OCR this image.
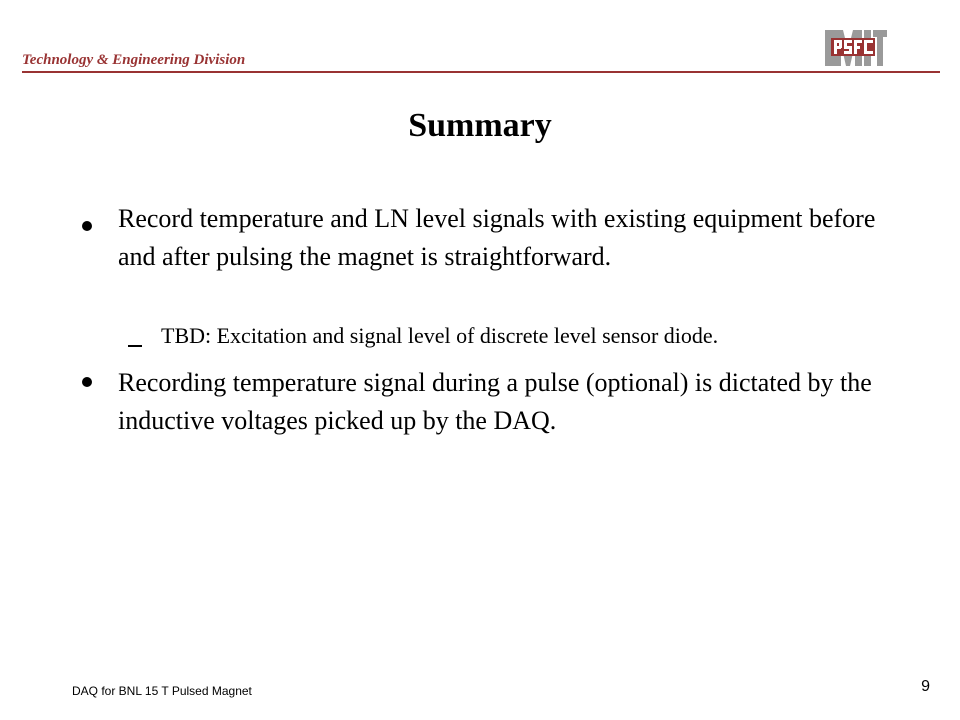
Technology & Engineering Division
Summary
Record temperature and LN level signals with existing equipment before and after pulsing the magnet is straightforward.
TBD: Excitation and signal level of discrete level sensor diode.
Recording temperature signal during a pulse (optional) is dictated by the inductive voltages picked up by the DAQ.
DAQ for BNL 15 T Pulsed Magnet	9
